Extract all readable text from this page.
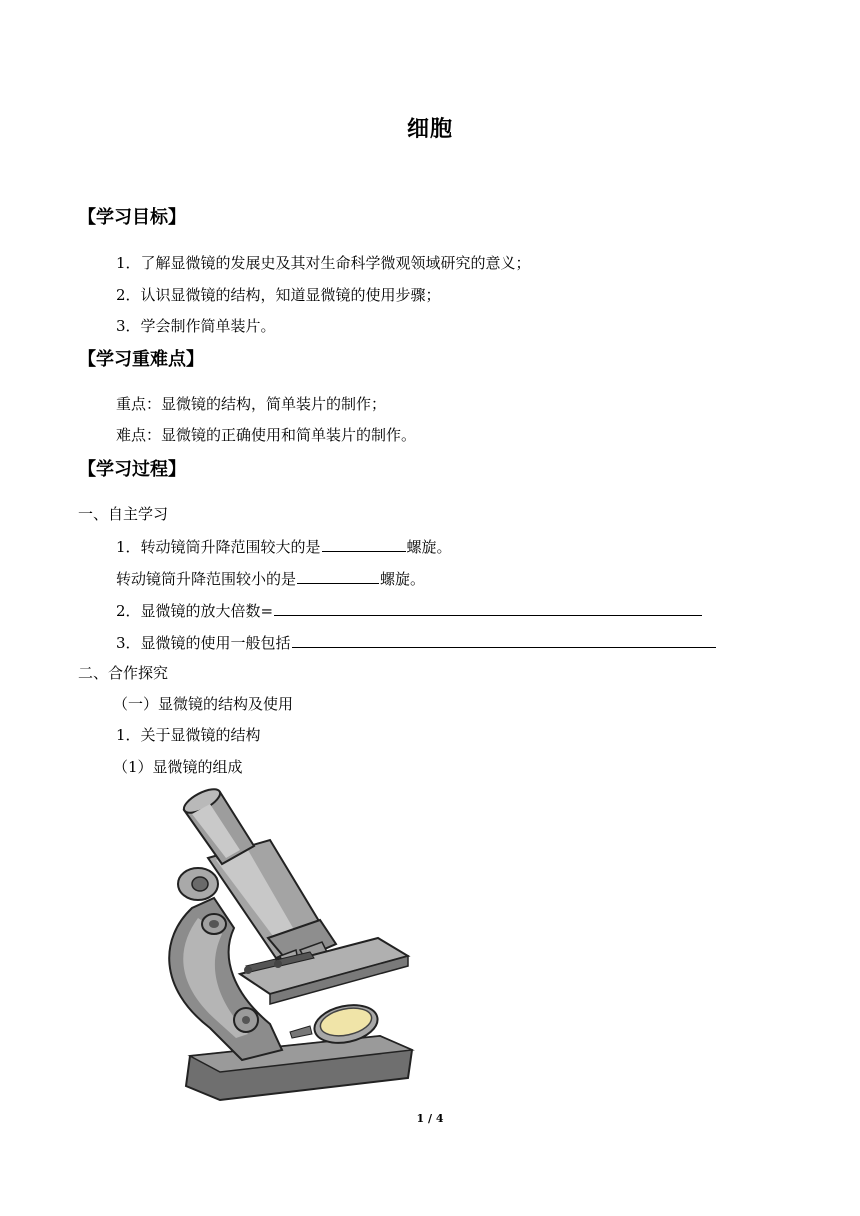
细胞
【学习目标】
1．了解显微镜的发展史及其对生命科学微观领域研究的意义；
2．认识显微镜的结构，知道显微镜的使用步骤；
3．学会制作简单装片。
【学习重难点】
重点：显微镜的结构，简单装片的制作；
难点：显微镜的正确使用和简单装片的制作。
【学习过程】
一、自主学习
1．转动镜筒升降范围较大的是	螺旋。
转动镜筒升降范围较小的是	螺旋。
2．显微镜的放大倍数=
3．显微镜的使用一般包括
二、合作探究
（一）显微镜的结构及使用
1．关于显微镜的结构
（1）显微镜的组成
1 / 4
